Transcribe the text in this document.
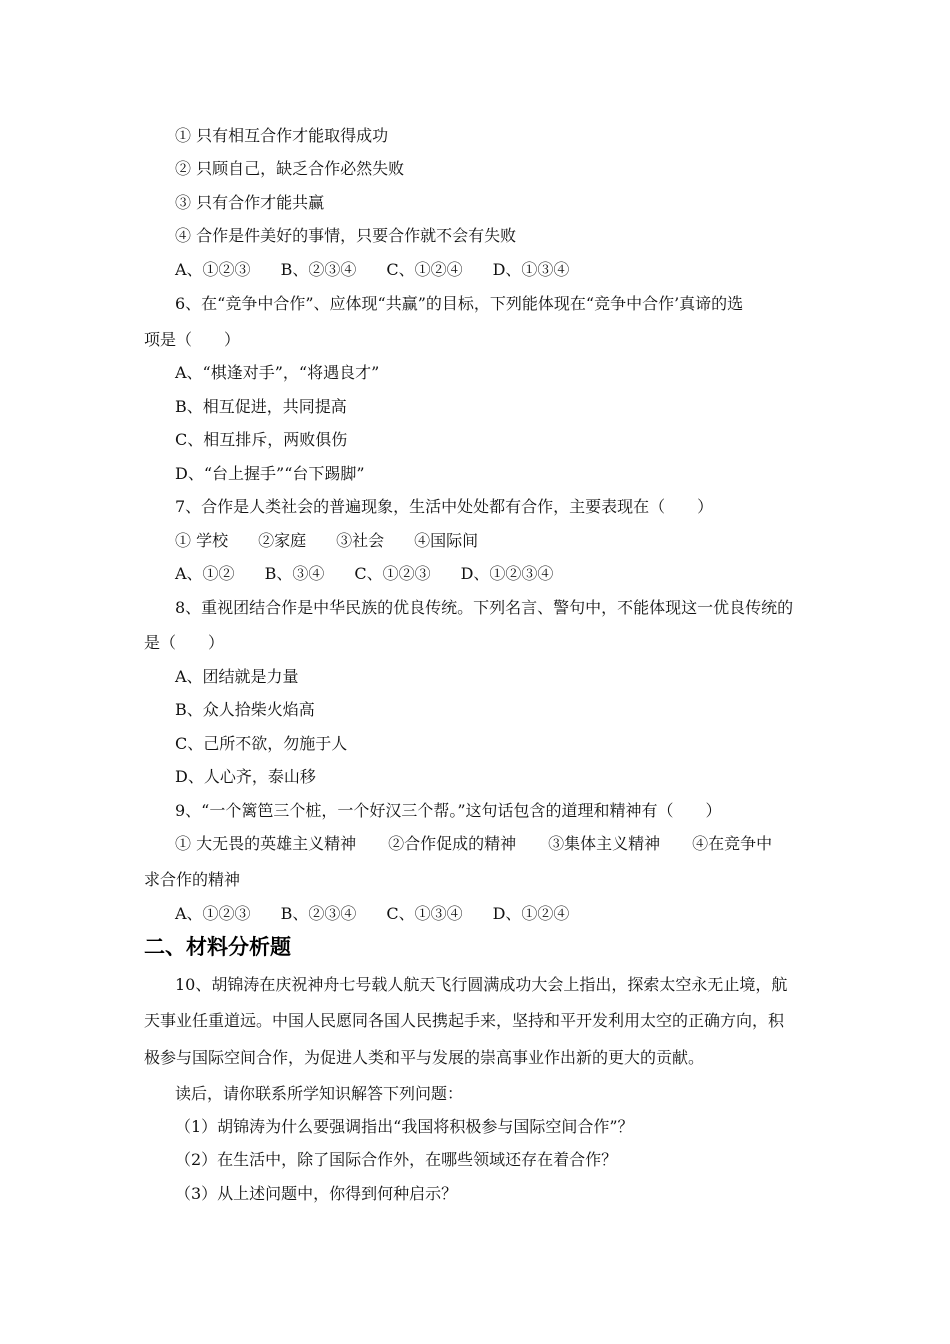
① 只有相互合作才能取得成功
② 只顾自己，缺乏合作必然失败
③ 只有合作才能共赢
④ 合作是件美好的事情，只要合作就不会有失败
A、①②③ B、②③④ C、①②④ D、①③④
6、在“竞争中合作”、应体现“共赢”的目标，下列能体现在“竞争中合作’真谛的选
项是（　　）
A、“棋逢对手”，“将遇良才”
B、相互促进，共同提高
C、相互排斥，两败俱伤
D、“台上握手”“台下踢脚”
7、合作是人类社会的普遍现象，生活中处处都有合作，主要表现在（　　）
① 学校 ②家庭 ③社会 ④国际间
A、①② B、③④ C、①②③ D、①②③④
8、重视团结合作是中华民族的优良传统。下列名言、警句中，不能体现这一优良传统的
是（　　）
A、团结就是力量
B、众人拾柴火焰高
C、己所不欲，勿施于人
D、人心齐，泰山移
9、“一个篱笆三个桩，一个好汉三个帮。”这句话包含的道理和精神有（　　）
① 大无畏的英雄主义精神　　②合作促成的精神　　③集体主义精神　　④在竞争中
求合作的精神
A、①②③ B、②③④ C、①③④ D、①②④
二、材料分析题
10、胡锦涛在庆祝神舟七号载人航天飞行圆满成功大会上指出，探索太空永无止境，航
天事业任重道远。中国人民愿同各国人民携起手来，坚持和平开发利用太空的正确方向，积
极参与国际空间合作，为促进人类和平与发展的崇高事业作出新的更大的贡献。
读后，请你联系所学知识解答下列问题：
（1）胡锦涛为什么要强调指出“我国将积极参与国际空间合作”？
（2）在生活中，除了国际合作外，在哪些领域还存在着合作？
（3）从上述问题中，你得到何种启示？
